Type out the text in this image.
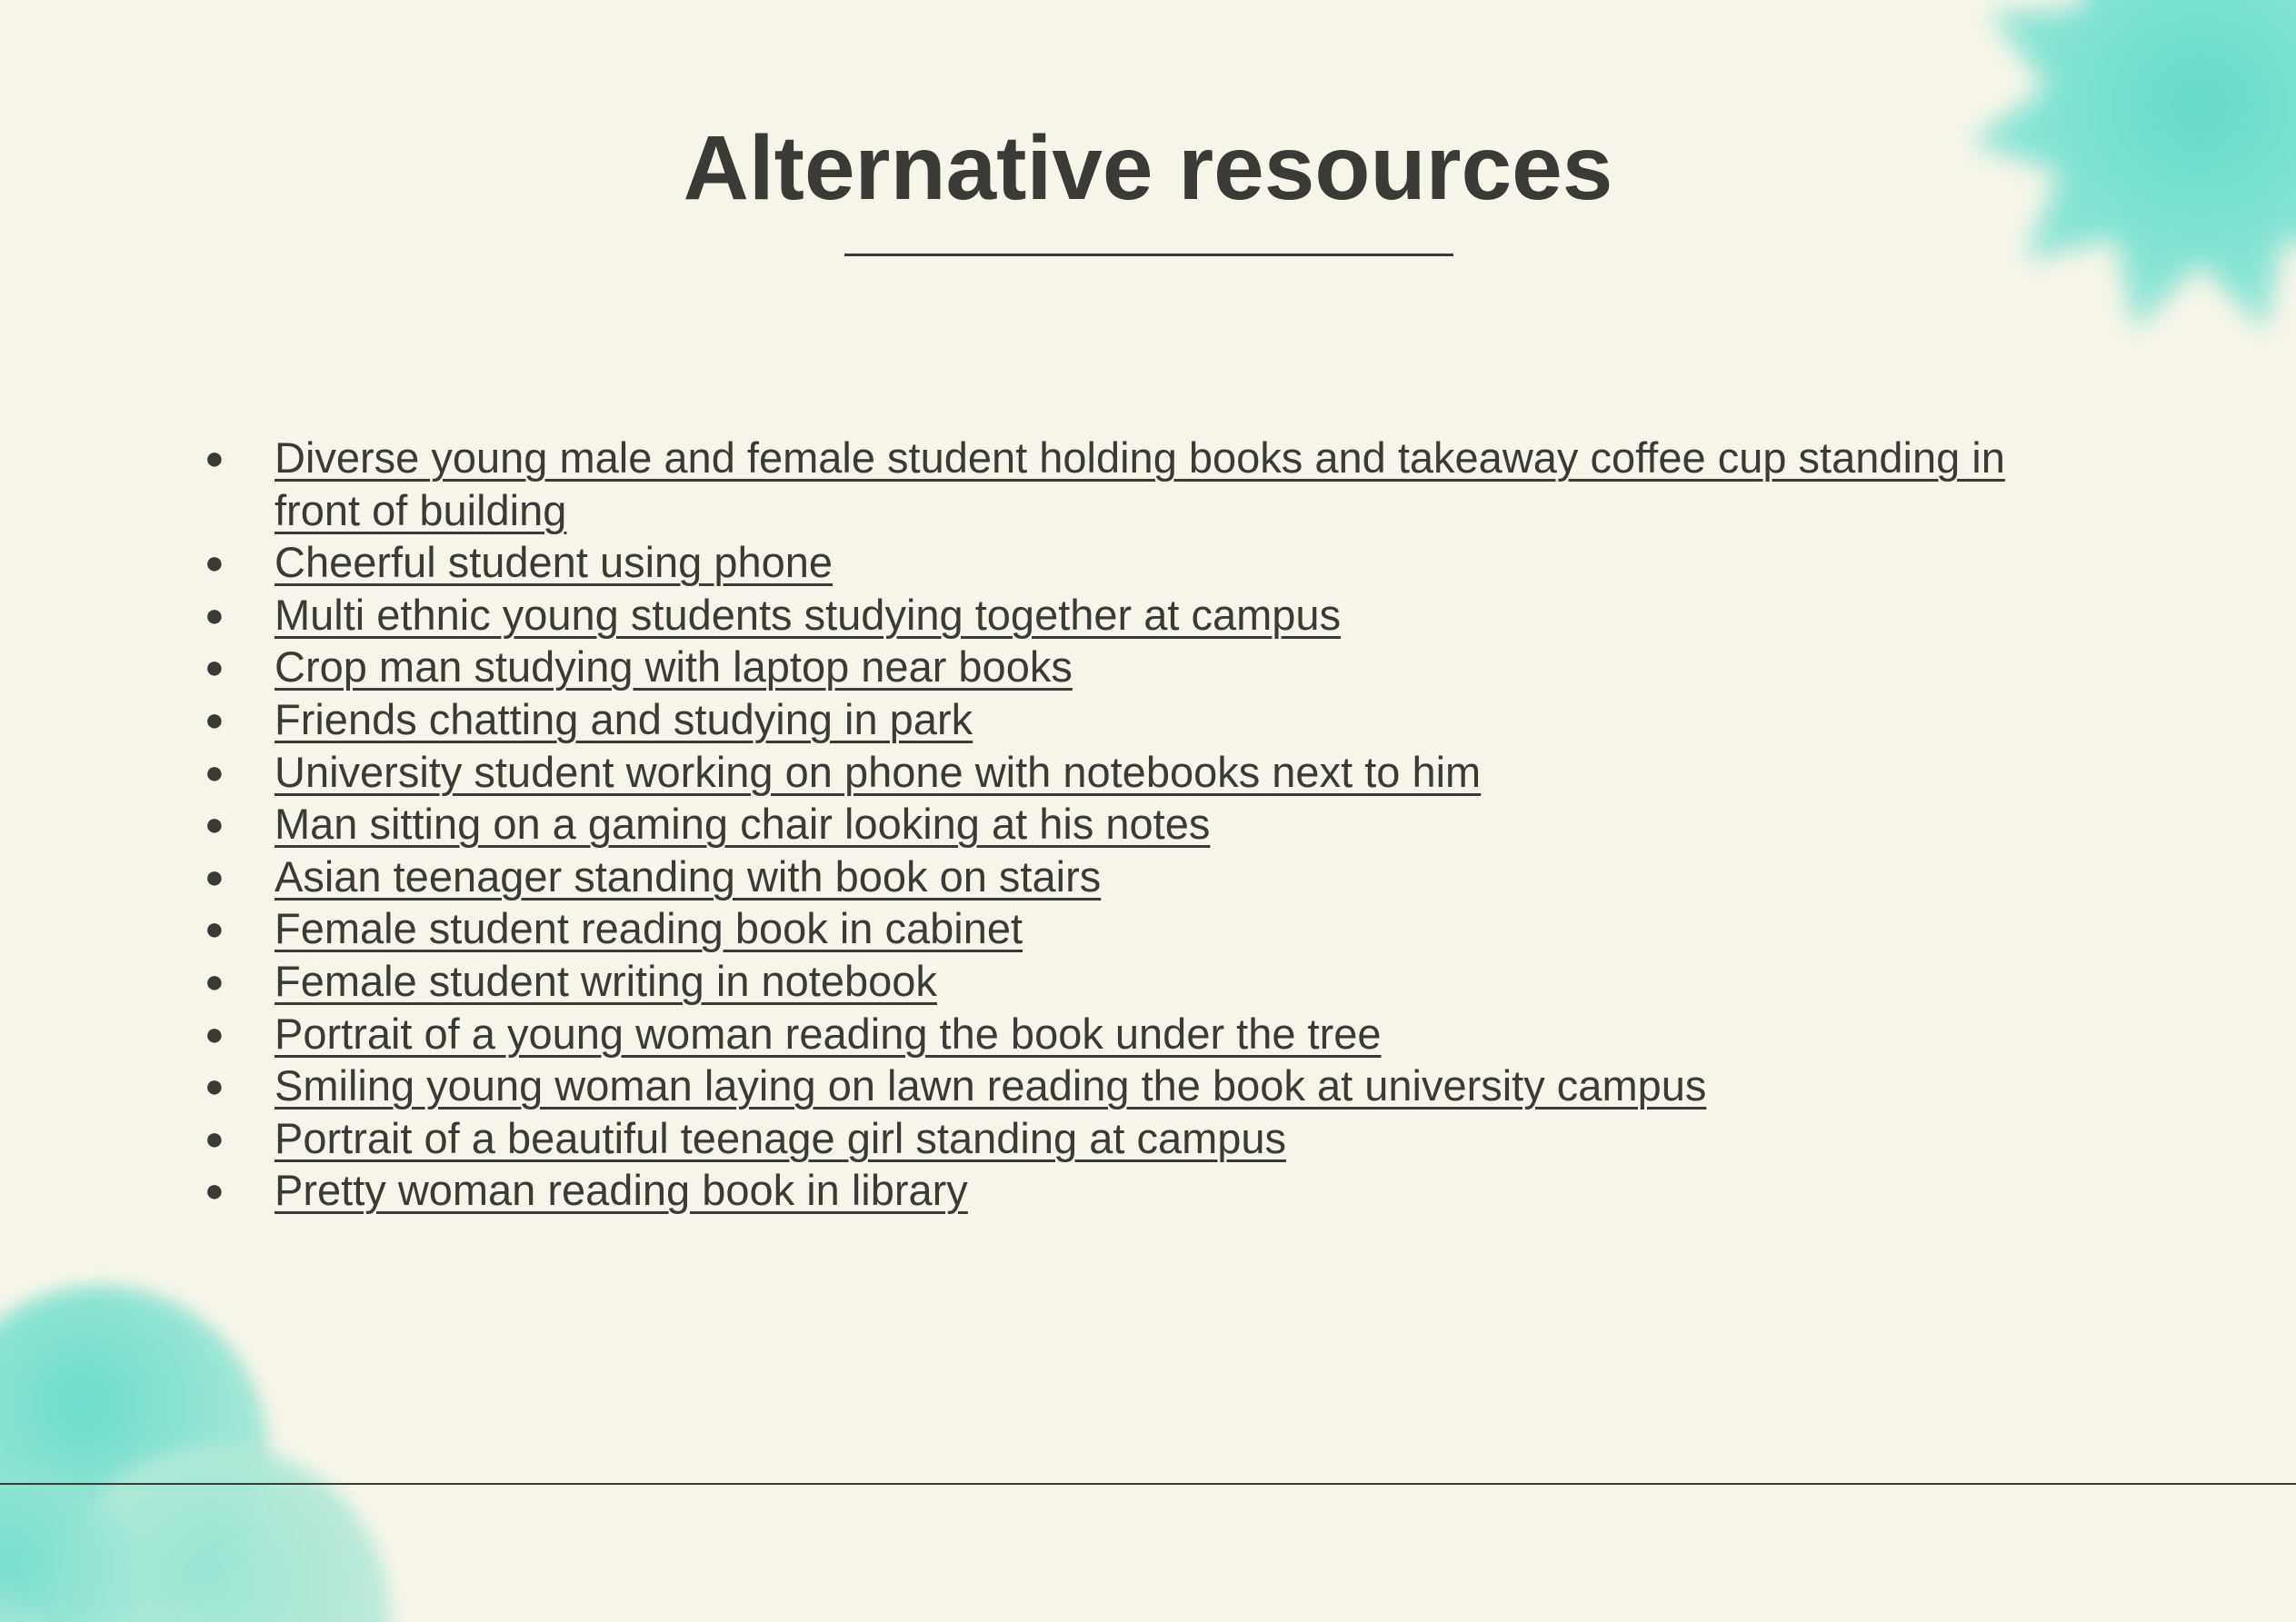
Alternative resources
●	Diverse young male and female student holding books and takeaway coffee cup standing in front of building
●	Cheerful student using phone
●	Multi ethnic young students studying together at campus
●	Crop man studying with laptop near books
●	Friends chatting and studying in park
●	University student working on phone with notebooks next to him
●	Man sitting on a gaming chair looking at his notes
●	Asian teenager standing with book on stairs
●	Female student reading book in cabinet
●	Female student writing in notebook
●	Portrait of a young woman reading the book under the tree
●	Smiling young woman laying on lawn reading the book at university campus
●	Portrait of a beautiful teenage girl standing at campus
●	Pretty woman reading book in library
